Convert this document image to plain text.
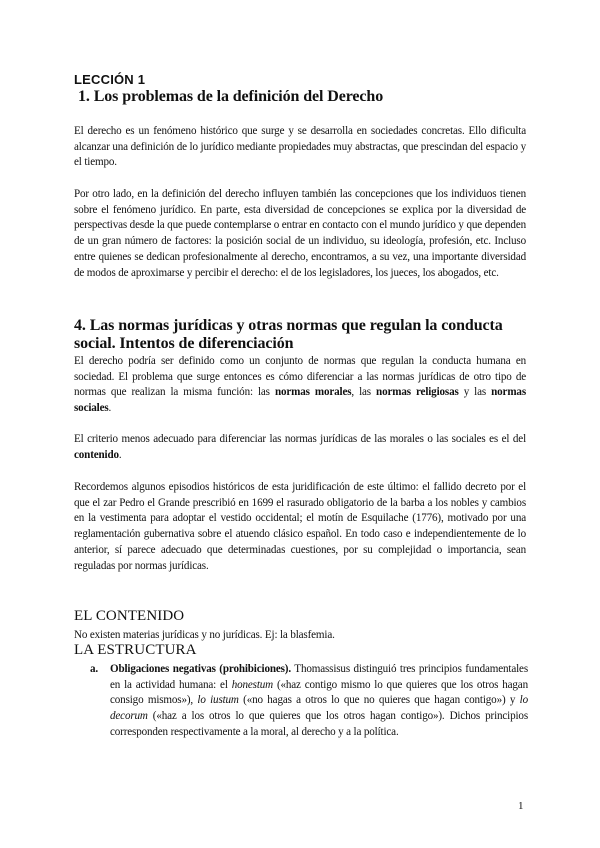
LECCIÓN 1
1. Los problemas de la definición del Derecho
El derecho es un fenómeno histórico que surge y se desarrolla en sociedades concretas. Ello dificulta alcanzar una definición de lo jurídico mediante propiedades muy abstractas, que prescindan del espacio y el tiempo.
Por otro lado, en la definición del derecho influyen también las concepciones que los individuos tienen sobre el fenómeno jurídico. En parte, esta diversidad de concepciones se explica por la diversidad de perspectivas desde la que puede contemplarse o entrar en contacto con el mundo jurídico y que dependen de un gran número de factores: la posición social de un individuo, su ideología, profesión, etc. Incluso entre quienes se dedican profesionalmente al derecho, encontramos, a su vez, una importante diversidad de modos de aproximarse y percibir el derecho: el de los legisladores, los jueces, los abogados, etc.
4. Las normas jurídicas y otras normas que regulan la conducta social. Intentos de diferenciación
El derecho podría ser definido como un conjunto de normas que regulan la conducta humana en sociedad. El problema que surge entonces es cómo diferenciar a las normas jurídicas de otro tipo de normas que realizan la misma función: las normas morales, las normas religiosas y las normas sociales.
El criterio menos adecuado para diferenciar las normas jurídicas de las morales o las sociales es el del contenido.
Recordemos algunos episodios históricos de esta juridificación de este último: el fallido decreto por el que el zar Pedro el Grande prescribió en 1699 el rasurado obligatorio de la barba a los nobles y cambios en la vestimenta para adoptar el vestido occidental; el motín de Esquilache (1776), motivado por una reglamentación gubernativa sobre el atuendo clásico español. En todo caso e independientemente de lo anterior, sí parece adecuado que determinadas cuestiones, por su complejidad o importancia, sean reguladas por normas jurídicas.
EL CONTENIDO
No existen materias jurídicas y no jurídicas. Ej: la blasfemia.
LA ESTRUCTURA
a. Obligaciones negativas (prohibiciones). Thomassisus distinguió tres principios fundamentales en la actividad humana: el honestum («haz contigo mismo lo que quieres que los otros hagan consigo mismos»), lo iustum («no hagas a otros lo que no quieres que hagan contigo») y lo decorum («haz a los otros lo que quieres que los otros hagan contigo»). Dichos principios corresponden respectivamente a la moral, al derecho y a la política.
1
